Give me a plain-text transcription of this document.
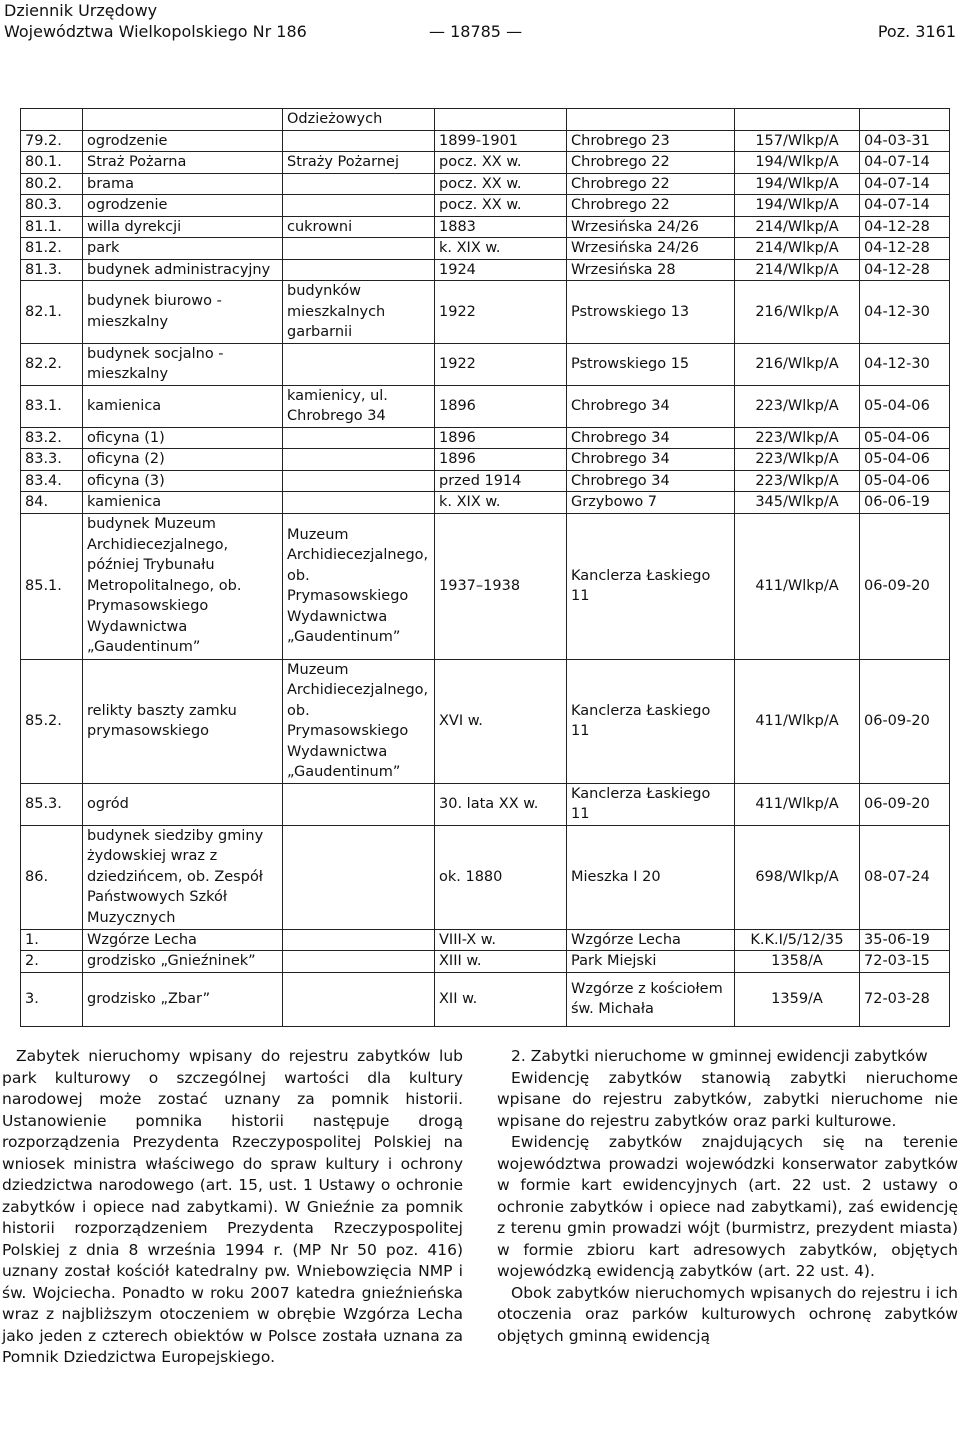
Dziennik Urzędowy
Województwa Wielkopolskiego Nr 186	Poz. 3161
— 18785 —
		Odzieżowych				
79.2.	ogrodzenie		1899-1901	Chrobrego 23	157/Wlkp/A	04-03-31
80.1.	Straż Pożarna	Straży Pożarnej	pocz. XX w.	Chrobrego 22	194/Wlkp/A	04-07-14
80.2.	brama		pocz. XX w.	Chrobrego 22	194/Wlkp/A	04-07-14
80.3.	ogrodzenie		pocz. XX w.	Chrobrego 22	194/Wlkp/A	04-07-14
81.1.	willa dyrekcji	cukrowni	1883	Wrzesińska 24/26	214/Wlkp/A	04-12-28
81.2.	park		k. XIX w.	Wrzesińska 24/26	214/Wlkp/A	04-12-28
81.3.	budynek administracyjny		1924	Wrzesińska 28	214/Wlkp/A	04-12-28
82.1.	budynek biurowo - mieszkalny	budynków mieszkalnych garbarnii	1922	Pstrowskiego 13	216/Wlkp/A	04-12-30
82.2.	budynek socjalno - mieszkalny		1922	Pstrowskiego 15	216/Wlkp/A	04-12-30
83.1.	kamienica	kamienicy, ul. Chrobrego 34	1896	Chrobrego 34	223/Wlkp/A	05-04-06
83.2.	oficyna (1)		1896	Chrobrego 34	223/Wlkp/A	05-04-06
83.3.	oficyna (2)		1896	Chrobrego 34	223/Wlkp/A	05-04-06
83.4.	oficyna (3)		przed 1914	Chrobrego 34	223/Wlkp/A	05-04-06
84.	kamienica		k. XIX w.	Grzybowo 7	345/Wlkp/A	06-06-19
85.1.	budynek Muzeum Archidiecezjalnego, później Trybunału Metropolitalnego, ob. Prymasowskiego Wydawnictwa „Gaudentinum”	Muzeum Archidiecezjalnego, ob. Prymasowskiego Wydawnictwa „Gaudentinum”	1937–1938	Kanclerza Łaskiego 11	411/Wlkp/A	06-09-20
85.2.	relikty baszty zamku prymasowskiego	Muzeum Archidiecezjalnego, ob. Prymasowskiego Wydawnictwa „Gaudentinum”	XVI w.	Kanclerza Łaskiego 11	411/Wlkp/A	06-09-20
85.3.	ogród		30. lata XX w.	Kanclerza Łaskiego 11	411/Wlkp/A	06-09-20
86.	budynek siedziby gminy żydowskiej wraz z dziedzińcem, ob. Zespół Państwowych Szkół Muzycznych		ok. 1880	Mieszka I 20	698/Wlkp/A	08-07-24
1.	Wzgórze Lecha		VIII-X w.	Wzgórze Lecha	K.K.I/5/12/35	35-06-19
2.	grodzisko „Gnieźninek”		XIII w.	Park Miejski	1358/A	72-03-15
3.	grodzisko „Zbar”		XII w.	Wzgórze z kościołem św. Michała	1359/A	72-03-28

Zabytek nieruchomy wpisany do rejestru zabytków lub park kulturowy o szczególnej wartości dla kultury narodowej może zostać uznany za pomnik historii. Ustanowienie pomnika historii następuje drogą rozporządzenia Prezydenta Rzeczypospolitej Polskiej na wniosek ministra właściwego do spraw kultury i ochrony dziedzictwa narodowego (art. 15, ust. 1 Ustawy o ochronie zabytków i opiece nad zabytkami). W Gnieźnie za pomnik historii rozporządzeniem Prezydenta Rzeczypospolitej Polskiej z dnia 8 września 1994 r. (MP Nr 50 poz. 416) uznany został kościół katedralny pw. Wniebowzięcia NMP i św. Wojciecha. Ponadto w roku 2007 katedra gnieźnieńska wraz z najbliższym otoczeniem w obrębie Wzgórza Lecha jako jeden z czterech obiektów w Polsce została uznana za Pomnik Dziedzictwa Europejskiego.

2. Zabytki nieruchome w gminnej ewidencji zabytków

Ewidencję zabytków stanowią zabytki nieruchome wpisane do rejestru zabytków, zabytki nieruchome nie wpisane do rejestru zabytków oraz parki kulturowe.

Ewidencję zabytków znajdujących się na terenie województwa prowadzi wojewódzki konserwator zabytków w formie kart ewidencyjnych (art. 22 ust. 2 ustawy o ochronie zabytków i opiece nad zabytkami), zaś ewidencję z terenu gmin prowadzi wójt (burmistrz, prezydent miasta) w formie zbioru kart adresowych zabytków, objętych wojewódzką ewidencją zabytków (art. 22 ust. 4).

Obok zabytków nieruchomych wpisanych do rejestru i ich otoczenia oraz parków kulturowych ochronę zabytków objętych gminną ewidencją
